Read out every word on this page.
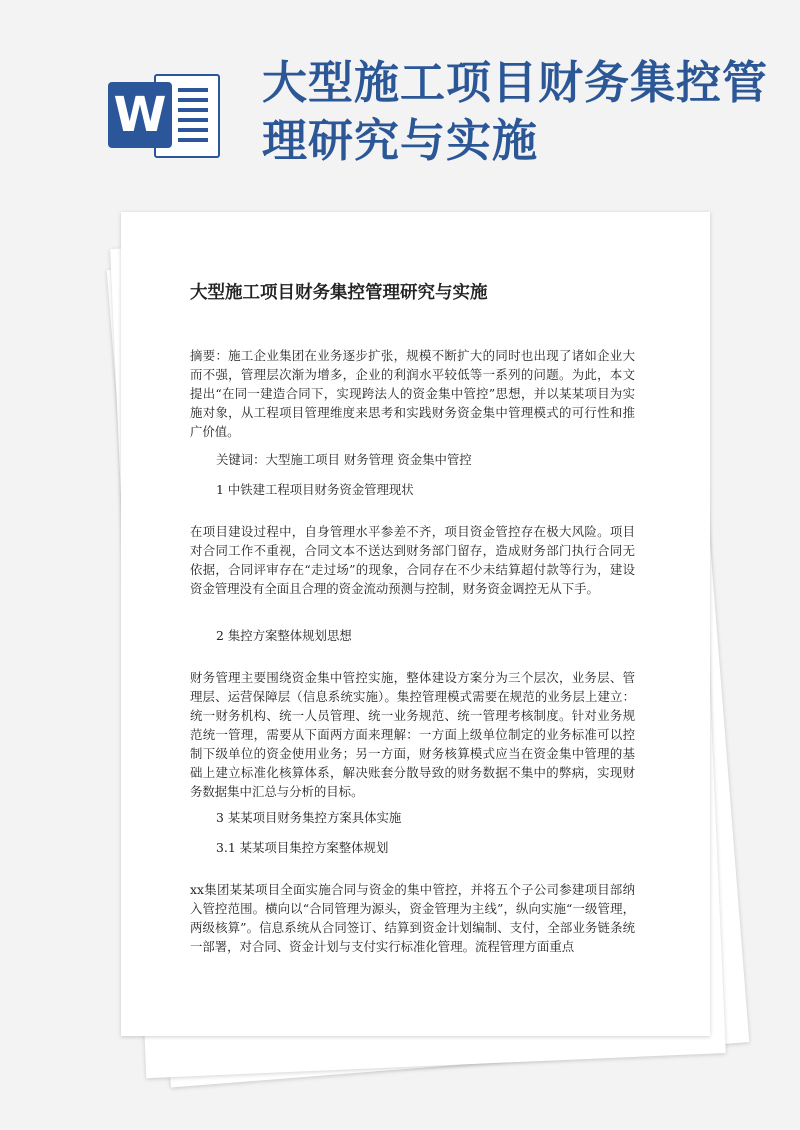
W
大型施工项目财务集控管理研究与实施
大型施工项目财务集控管理研究与实施

摘要：施工企业集团在业务逐步扩张，规模不断扩大的同时也出现了诸如企业大而不强，管理层次渐为增多，企业的利润水平较低等一系列的问题。为此，本文提出“在同一建造合同下，实现跨法人的资金集中管控”思想，并以某某项目为实施对象，从工程项目管理维度来思考和实践财务资金集中管理模式的可行性和推广价值。

关键词：大型施工项目 财务管理 资金集中管控

1 中铁建工程项目财务资金管理现状

在项目建设过程中，自身管理水平参差不齐，项目资金管控存在极大风险。项目对合同工作不重视，合同文本不送达到财务部门留存，造成财务部门执行合同无依据，合同评审存在“走过场”的现象，合同存在不少未结算超付款等行为，建设资金管理没有全面且合理的资金流动预测与控制，财务资金调控无从下手。

2 集控方案整体规划思想

财务管理主要围绕资金集中管控实施，整体建设方案分为三个层次，业务层、管理层、运营保障层（信息系统实施）。集控管理模式需要在规范的业务层上建立：统一财务机构、统一人员管理、统一业务规范、统一管理考核制度。针对业务规范统一管理，需要从下面两方面来理解：一方面上级单位制定的业务标准可以控制下级单位的资金使用业务；另一方面，财务核算模式应当在资金集中管理的基础上建立标准化核算体系，解决账套分散导致的财务数据不集中的弊病，实现财务数据集中汇总与分析的目标。

3 某某项目财务集控方案具体实施

3.1 某某项目集控方案整体规划

xx集团某某项目全面实施合同与资金的集中管控，并将五个子公司参建项目部纳入管控范围。横向以“合同管理为源头，资金管理为主线”，纵向实施“一级管理，两级核算”。信息系统从合同签订、结算到资金计划编制、支付，全部业务链条统一部署，对合同、资金计划与支付实行标准化管理。流程管理方面重点
